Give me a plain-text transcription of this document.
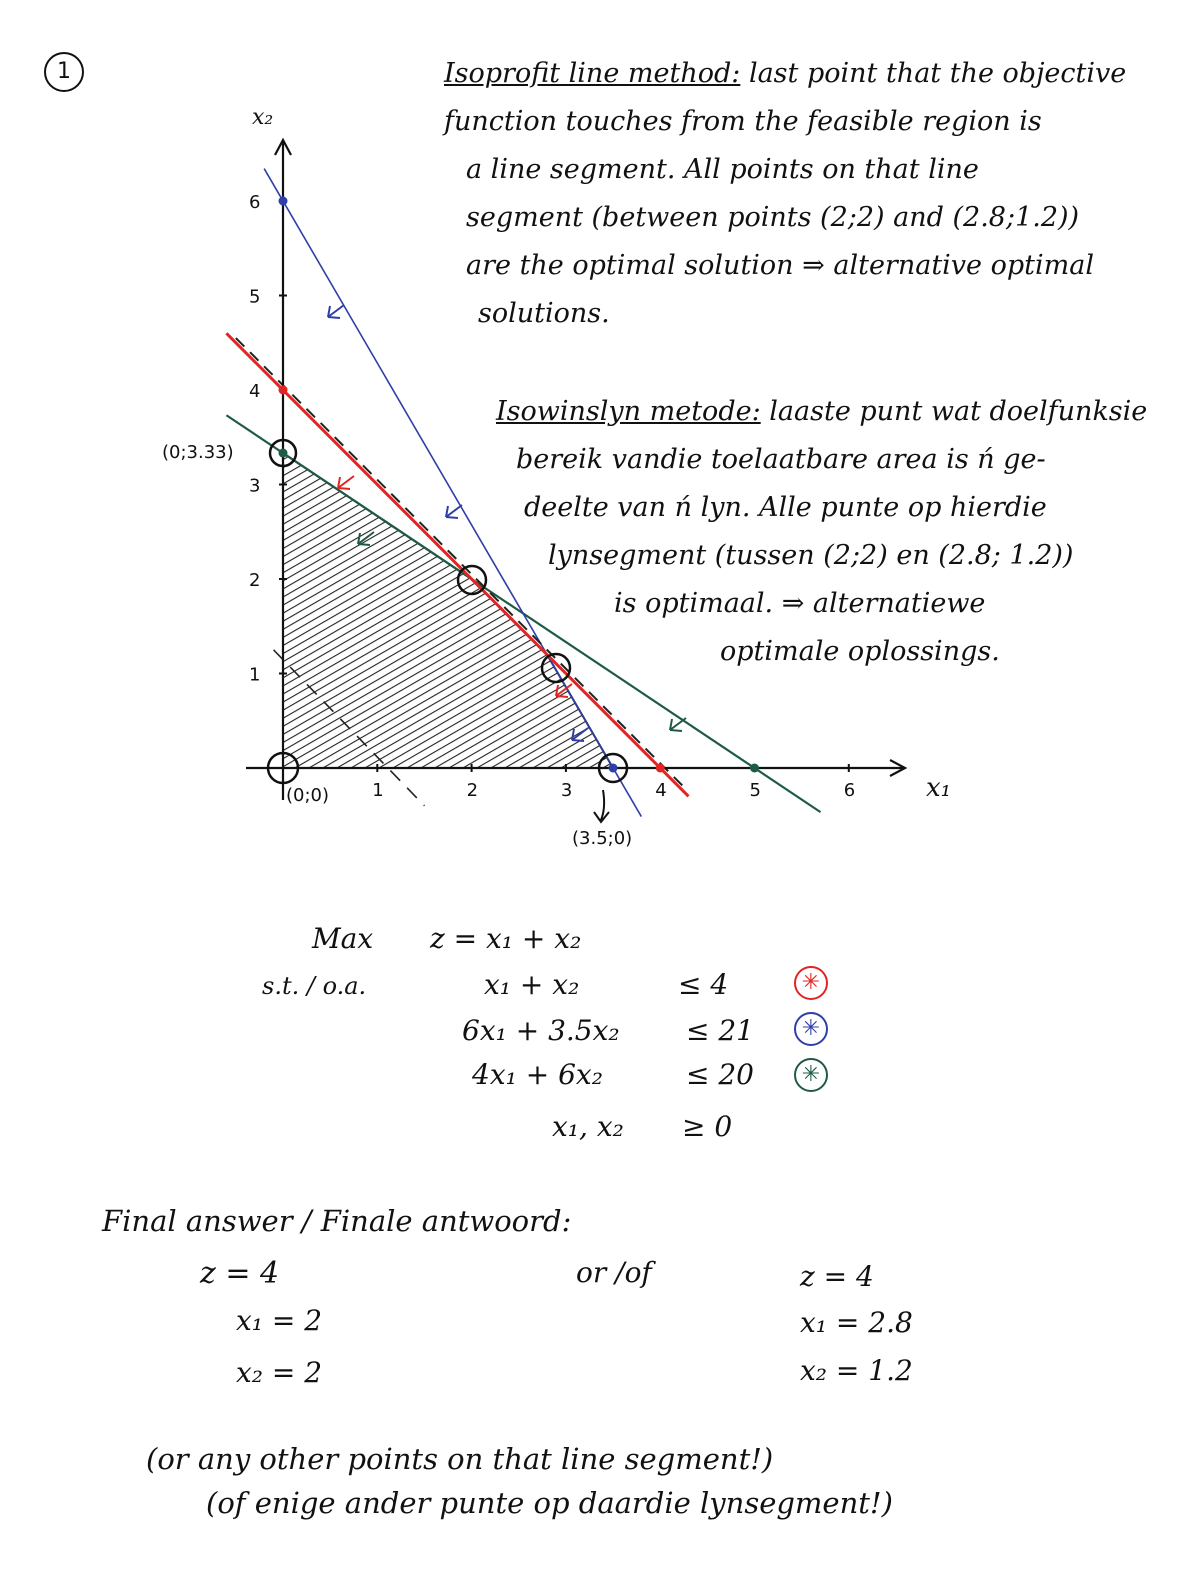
1
x₁
x₂
1	2	3	4	5	6
1
2
3
4
5
6
(0;0)
(0;3.33)
(3.5;0)
Isoprofit line method: last point that the objective
function touches from the feasible region is
a line segment. All points on that line
segment (between points (2;2) and (2.8;1.2))
are the optimal solution ⇒ alternative optimal
solutions.
Isowinslyn metode: laaste punt wat doelfunksie
bereik vandie toelaatbare area is ń ge-
deelte van ń lyn. Alle punte op hierdie
lynsegment (tussen (2;2) en (2.8; 1.2))
is optimaal. ⇒ alternatiewe
optimale oplossings.
Max z = x₁ + x₂
s.t. / o.a.	x₁ + x₂	≤ 4	✳
6x₁ + 3.5x₂ ≤ 21	✳
4x₁ + 6x₂	≤ 20	✳
x₁, x₂ ≥ 0
Final answer / Finale antwoord:
z = 4
x₁ = 2
x₂ = 2
or /of	z = 4
x₁ = 2.8
x₂ = 1.2
(or any other points on that line segment!)
(of enige ander punte op daardie lynsegment!)
